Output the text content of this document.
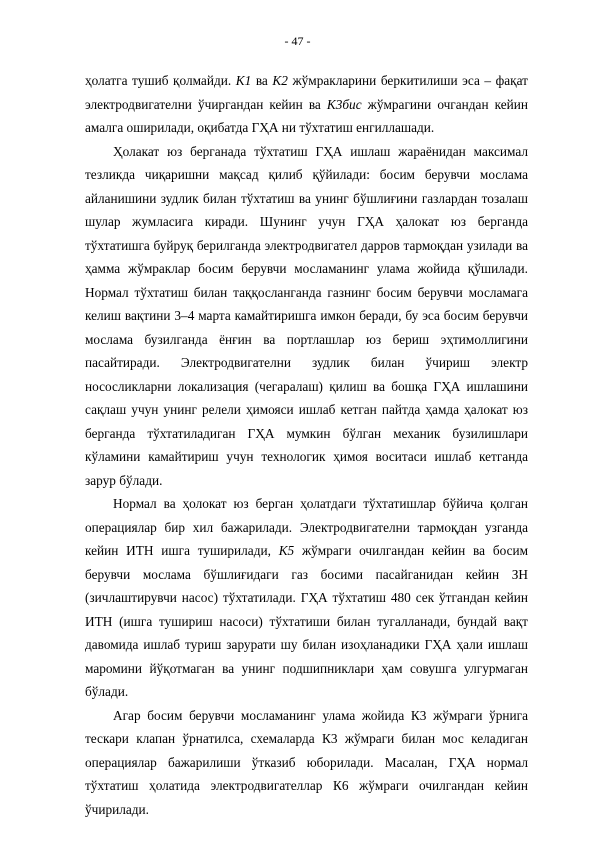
- 47 -

ҳолатга тушиб қолмайди. К1 ва К2 жўмракларини беркитилиши эса – фақат электродвигателни ўчиргандан кейин ва К3бис жўмрагини очгандан кейин амалга оширилади, оқибатда ГҲА ни тўхтатиш енгиллашади.

Ҳолакат юз берганада тўхтатиш ГҲА ишлаш жараёнидан максимал тезликда чиқаришни мақсад қилиб қўйилади: босим берувчи мослама айланишини зудлик билан тўхтатиш ва унинг бўшлиғини газлардан тозалаш шулар жумласига киради. Шунинг учун ГҲА ҳалокат юз берганда тўхтатишга буйруқ берилганда электродвигател дарров тармоқдан узилади ва ҳамма жўмраклар босим берувчи мосламанинг улама жойида қўшилади. Нормал тўхтатиш билан таққосланганда газнинг босим берувчи мосламага келиш вақтини 3–4 марта камайтиришга имкон беради, бу эса босим берувчи мослама бузилганда ёнғин ва портлашлар юз бериш эҳтимоллигини пасайтиради. Электродвигателни зудлик билан ўчириш электр нососликларни локализация (чегаралаш) қилиш ва бошқа ГҲА ишлашини сақлаш учун унинг релели ҳимояси ишлаб кетган пайтда ҳамда ҳалокат юз берганда тўхтатиладиган ГҲА мумкин бўлган механик бузилишлари кўламини камайтириш учун технологик ҳимоя воситаси ишлаб кетганда зарур бўлади.

Нормал ва ҳолокат юз берган ҳолатдаги тўхтатишлар бўйича қолган операциялар бир хил бажарилади. Электродвигателни тармоқдан узганда кейин ИТН ишга туширилади, К5 жўмраги очилгандан кейин ва босим берувчи мослама бўшлиғидаги газ босими пасайганидан кейин ЗН (зичлаштирувчи насос) тўхтатилади. ГҲА тўхтатиш 480 сек ўтгандан кейин ИТН (ишга тушириш насоси) тўхтатиши билан тугалланади, бундай вақт давомида ишлаб туриш зарурати шу билан изоҳланадики ГҲА ҳали ишлаш маромини йўқотмаган ва унинг подшипниклари ҳам совушга улгурмаган бўлади.

Агар босим берувчи мосламанинг улама жойида К3 жўмраги ўрнига тескари клапан ўрнатилса, схемаларда К3 жўмраги билан мос келадиган операциялар бажарилиши ўтказиб юборилади. Масалан, ГҲА нормал тўхтатиш ҳолатида электродвигателлар К6 жўмраги очилгандан кейин ўчирилади.
